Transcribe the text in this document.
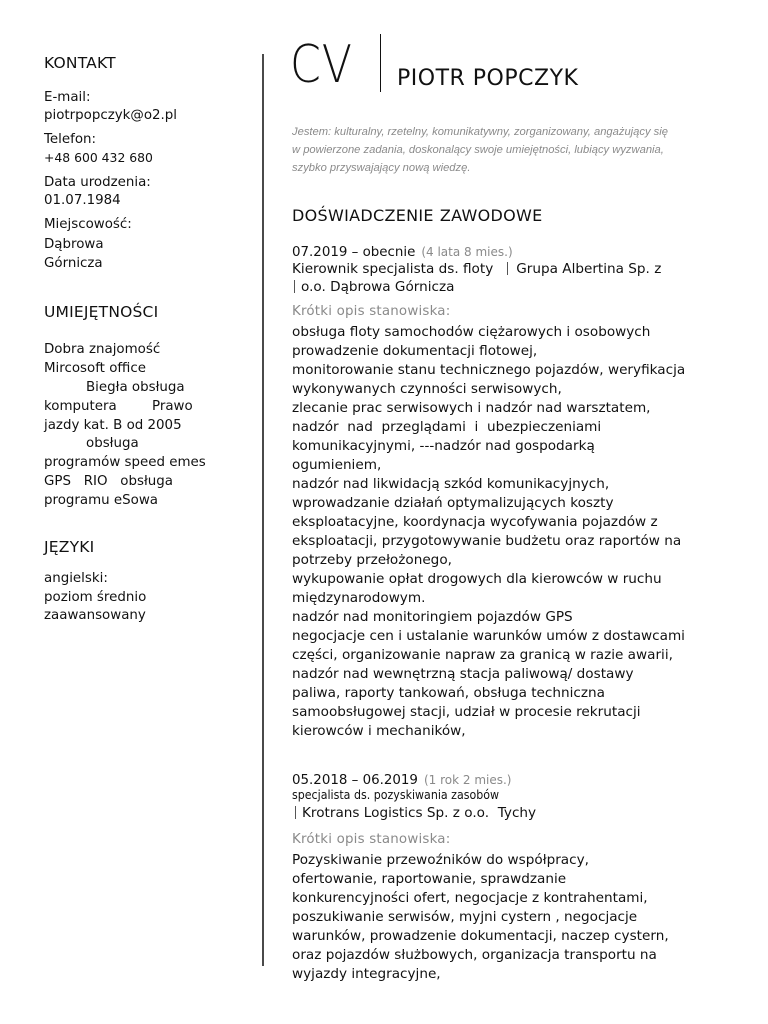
KONTAKT
E-mail:
piotrpopczyk@o2.pl
Telefon:
+48 600 432 680
Data urodzenia:
01.07.1984
Miejscowość:
Dąbrowa
Górnicza
UMIEJĘTNOŚCI
Dobra znajomość
Mircosoft office
Biegła obsługa
komputera	Prawo
jazdy kat. B od 2005
obsługa
programów speed emes
GPS   RIO   obsługa
programu eSowa
JĘZYKI
angielski:
poziom średnio
zaawansowany
CV PIOTR POPCZYK
Jestem: kulturalny, rzetelny, komunikatywny, zorganizowany, angażujący się
w powierzone zadania, doskonalący swoje umiejętności, lubiący wyzwania,
szybko przyswajający nową wiedzę.
DOŚWIADCZENIE ZAWODOWE
07.2019 – obecnie (4 lata 8 mies.)
Kierownik specjalista ds. floty Grupa Albertina Sp. z
o.o. Dąbrowa Górnicza
Krótki opis stanowiska:
obsługa floty samochodów ciężarowych i osobowych
prowadzenie dokumentacji flotowej,
monitorowanie stanu technicznego pojazdów, weryfikacja
wykonywanych czynności serwisowych,
zlecanie prac serwisowych i nadzór nad warsztatem,
nadzór  nad  przeglądami  i  ubezpieczeniami
komunikacyjnymi, ---nadzór nad gospodarką
ogumieniem,
nadzór nad likwidacją szkód komunikacyjnych,
wprowadzanie działań optymalizujących koszty
eksploatacyjne, koordynacja wycofywania pojazdów z
eksploatacji, przygotowywanie budżetu oraz raportów na
potrzeby przełożonego,
wykupowanie opłat drogowych dla kierowców w ruchu
międzynarodowym.
nadzór nad monitoringiem pojazdów GPS
negocjacje cen i ustalanie warunków umów z dostawcami
części, organizowanie napraw za granicą w razie awarii,
nadzór nad wewnętrzną stacja paliwową/ dostawy
paliwa, raporty tankowań, obsługa techniczna
samoobsługowej stacji, udział w procesie rekrutacji
kierowców i mechaników,
05.2018 – 06.2019 (1 rok 2 mies.)
specjalista ds. pozyskiwania zasobów
Krotrans Logistics Sp. z o.o.  Tychy
Krótki opis stanowiska:
Pozyskiwanie przewoźników do współpracy,
ofertowanie, raportowanie, sprawdzanie
konkurencyjności ofert, negocjacje z kontrahentami,
poszukiwanie serwisów, myjni cystern , negocjacje
warunków, prowadzenie dokumentacji, naczep cystern,
oraz pojazdów służbowych, organizacja transportu na
wyjazdy integracyjne,
